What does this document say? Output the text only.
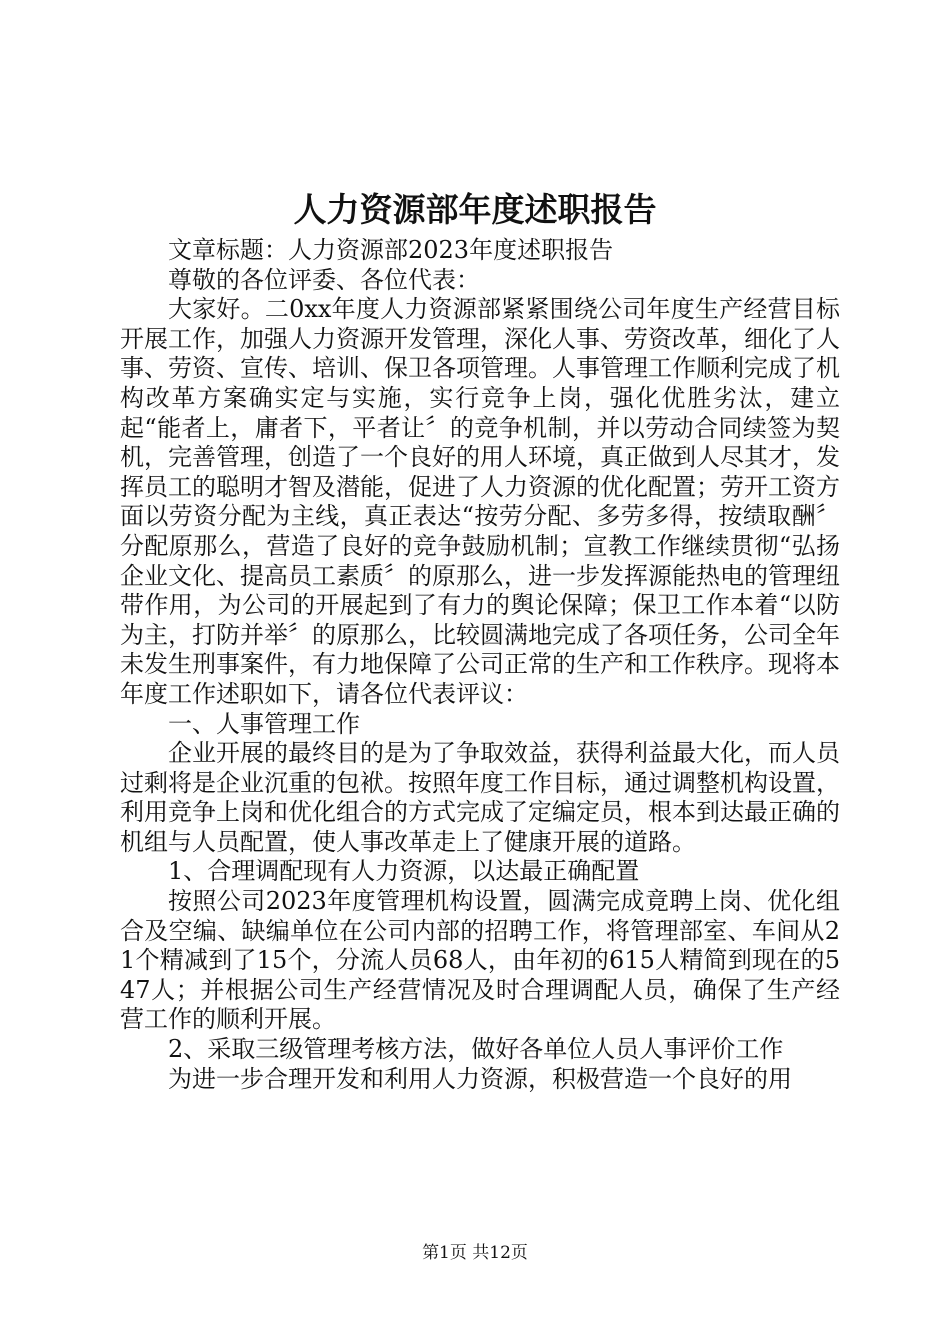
人力资源部年度述职报告

文章标题：人力资源部2023年度述职报告

尊敬的各位评委、各位代表：

大家好。二0xx年度人力资源部紧紧围绕公司年度生产经营目标开展工作，加强人力资源开发管理，深化人事、劳资改革，细化了人事、劳资、宣传、培训、保卫各项管理。人事管理工作顺利完成了机构改革方案确实定与实施，实行竞争上岗，强化优胜劣汰，建立起“能者上，庸者下，平者让〞的竞争机制，并以劳动合同续签为契机，完善管理，创造了一个良好的用人环境，真正做到人尽其才，发挥员工的聪明才智及潜能，促进了人力资源的优化配置；劳开工资方面以劳资分配为主线，真正表达“按劳分配、多劳多得，按绩取酬〞分配原那么，营造了良好的竞争鼓励机制；宣教工作继续贯彻“弘扬企业文化、提高员工素质〞的原那么，进一步发挥源能热电的管理纽带作用，为公司的开展起到了有力的舆论保障；保卫工作本着“以防为主，打防并举〞的原那么，比较圆满地完成了各项任务，公司全年未发生刑事案件，有力地保障了公司正常的生产和工作秩序。现将本年度工作述职如下，请各位代表评议：

一、人事管理工作

企业开展的最终目的是为了争取效益，获得利益最大化，而人员过剩将是企业沉重的包袱。按照年度工作目标，通过调整机构设置，利用竞争上岗和优化组合的方式完成了定编定员，根本到达最正确的机组与人员配置，使人事改革走上了健康开展的道路。

1、合理调配现有人力资源，以达最正确配置

按照公司2023年度管理机构设置，圆满完成竟聘上岗、优化组合及空编、缺编单位在公司内部的招聘工作，将管理部室、车间从21个精减到了15个，分流人员68人，由年初的615人精简到现在的547人；并根据公司生产经营情况及时合理调配人员，确保了生产经营工作的顺利开展。

2、采取三级管理考核方法，做好各单位人员人事评价工作

为进一步合理开发和利用人力资源，积极营造一个良好的用

第1页 共12页
